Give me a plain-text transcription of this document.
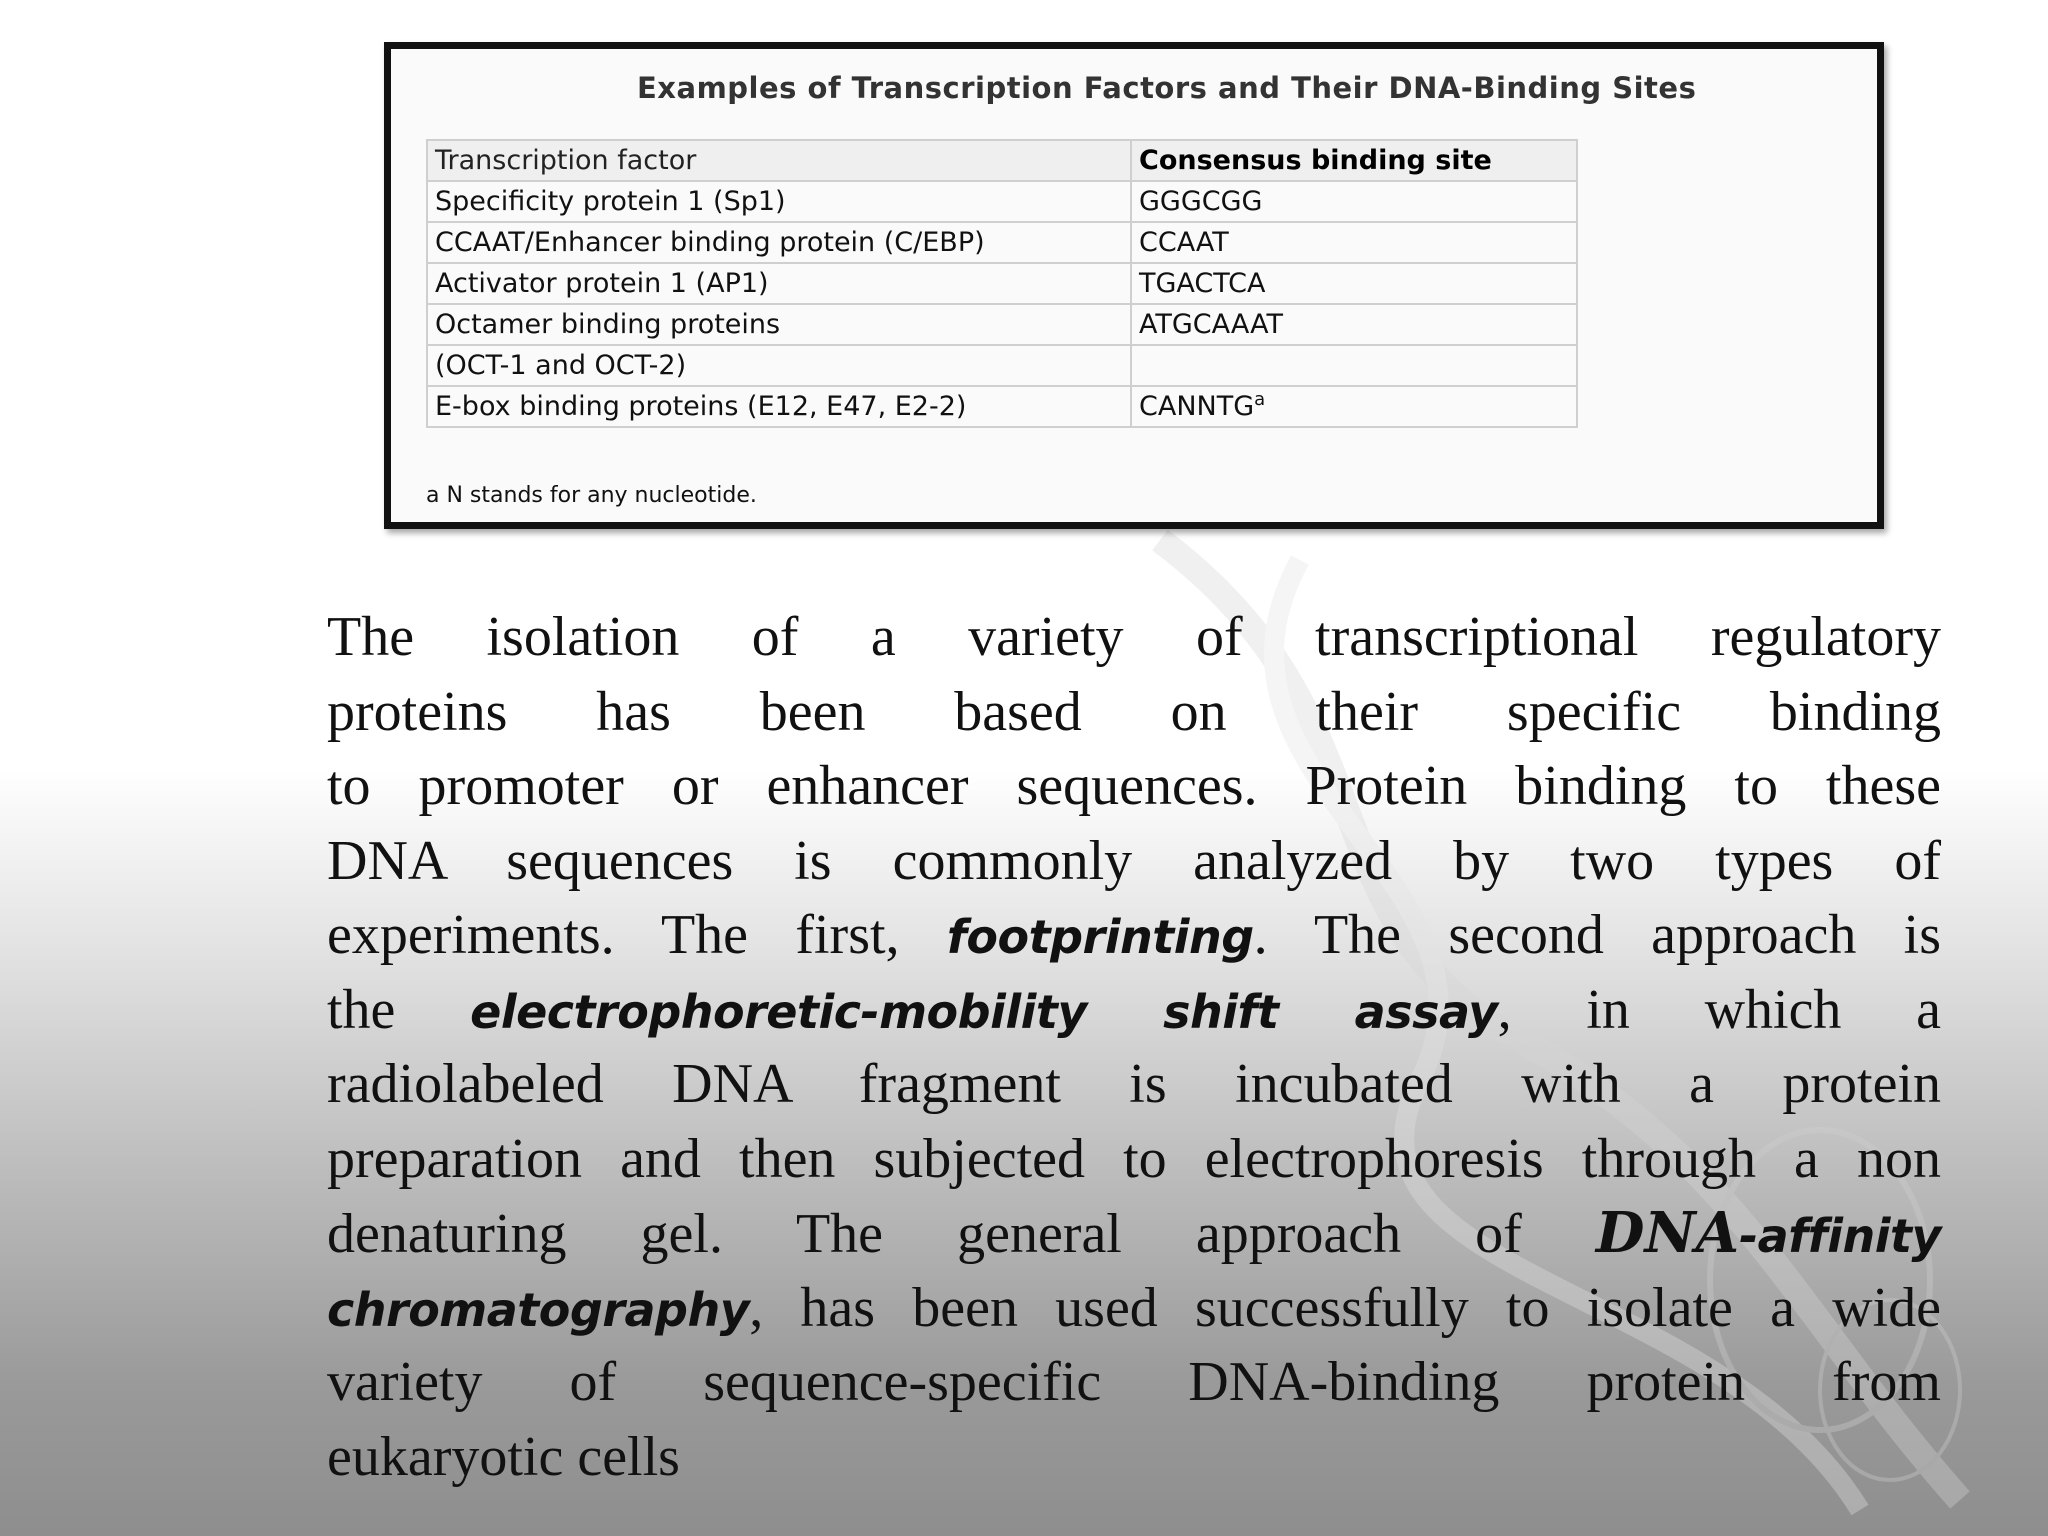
Examples of Transcription Factors and Their DNA-Binding Sites
Transcription factor	Consensus binding site
Specificity protein 1 (Sp1)	GGGCGG
CCAAT/Enhancer binding protein (C/EBP)	CCAAT
Activator protein 1 (AP1)	TGACTCA
Octamer binding proteins	ATGCAAAT
(OCT-1 and OCT-2)	
E-box binding proteins (E12, E47, E2-2)	CANNTG$^a$
a N stands for any nucleotide.
The isolation of a variety of transcriptional regulatory
proteins has been based on their specific binding
to promoter or enhancer sequences. Protein binding to these
DNA sequences is commonly analyzed by two types of
experiments. The first, footprinting. The second approach is
the electrophoretic-mobility shift assay, in which a
radiolabeled DNA fragment is incubated with a protein
preparation and then subjected to electrophoresis through a non
denaturing gel. The general approach of DNA-affinity
chromatography, has been used successfully to isolate a wide
variety of sequence-specific DNA-binding protein from
eukaryotic cells
